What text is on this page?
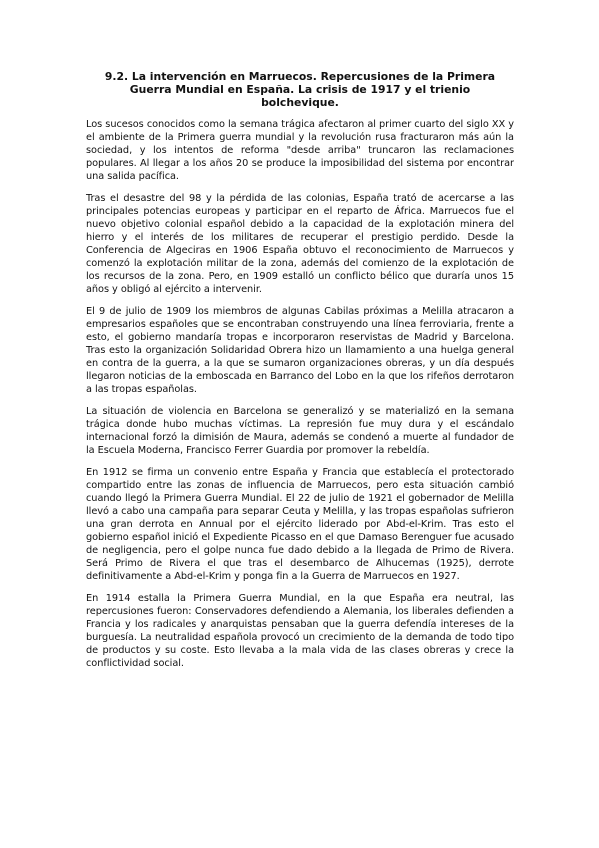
9.2. La intervención en Marruecos. Repercusiones de la Primera Guerra Mundial en España. La crisis de 1917 y el trienio bolchevique.

Los sucesos conocidos como la semana trágica afectaron al primer cuarto del siglo XX y el ambiente de la Primera guerra mundial y la revolución rusa fracturaron más aún la sociedad, y los intentos de reforma "desde arriba" truncaron las reclamaciones populares. Al llegar a los años 20 se produce la imposibilidad del sistema por encontrar una salida pacífica.

Tras el desastre del 98 y la pérdida de las colonias, España trató de acercarse a las principales potencias europeas y participar en el reparto de África. Marruecos fue el nuevo objetivo colonial español debido a la capacidad de la explotación minera del hierro y el interés de los militares de recuperar el prestigio perdido. Desde la Conferencia de Algeciras en 1906 España obtuvo el reconocimiento de Marruecos y comenzó la explotación militar de la zona, además del comienzo de la explotación de los recursos de la zona. Pero, en 1909 estalló un conflicto bélico que duraría unos 15 años y obligó al ejército a intervenir.

El 9 de julio de 1909 los miembros de algunas Cabilas próximas a Melilla atracaron a empresarios españoles que se encontraban construyendo una línea ferroviaria, frente a esto, el gobierno mandaría tropas e incorporaron reservistas de Madrid y Barcelona. Tras esto la organización Solidaridad Obrera hizo un llamamiento a una huelga general en contra de la guerra, a la que se sumaron organizaciones obreras, y un día después llegaron noticias de la emboscada en Barranco del Lobo en la que los rifeños derrotaron a las tropas españolas.

La situación de violencia en Barcelona se generalizó y se materializó en la semana trágica donde hubo muchas víctimas. La represión fue muy dura y el escándalo internacional forzó la dimisión de Maura, además se condenó a muerte al fundador de la Escuela Moderna, Francisco Ferrer Guardia por promover la rebeldía.

En 1912 se firma un convenio entre España y Francia que establecía el protectorado compartido entre las zonas de influencia de Marruecos, pero esta situación cambió cuando llegó la Primera Guerra Mundial. El 22 de julio de 1921 el gobernador de Melilla llevó a cabo una campaña para separar Ceuta y Melilla, y las tropas españolas sufrieron una gran derrota en Annual por el ejército liderado por Abd-el-Krim. Tras esto el gobierno español inició el Expediente Picasso en el que Damaso Berenguer fue acusado de negligencia, pero el golpe nunca fue dado debido a la llegada de Primo de Rivera. Será Primo de Rivera el que tras el desembarco de Alhucemas (1925), derrote definitivamente a Abd-el-Krim y ponga fin a la Guerra de Marruecos en 1927.

En 1914 estalla la Primera Guerra Mundial, en la que España era neutral, las repercusiones fueron: Conservadores defendiendo a Alemania, los liberales defienden a Francia y los radicales y anarquistas pensaban que la guerra defendía intereses de la burguesía. La neutralidad española provocó un crecimiento de la demanda de todo tipo de productos y su coste. Esto llevaba a la mala vida de las clases obreras y crece la conflictividad social.
